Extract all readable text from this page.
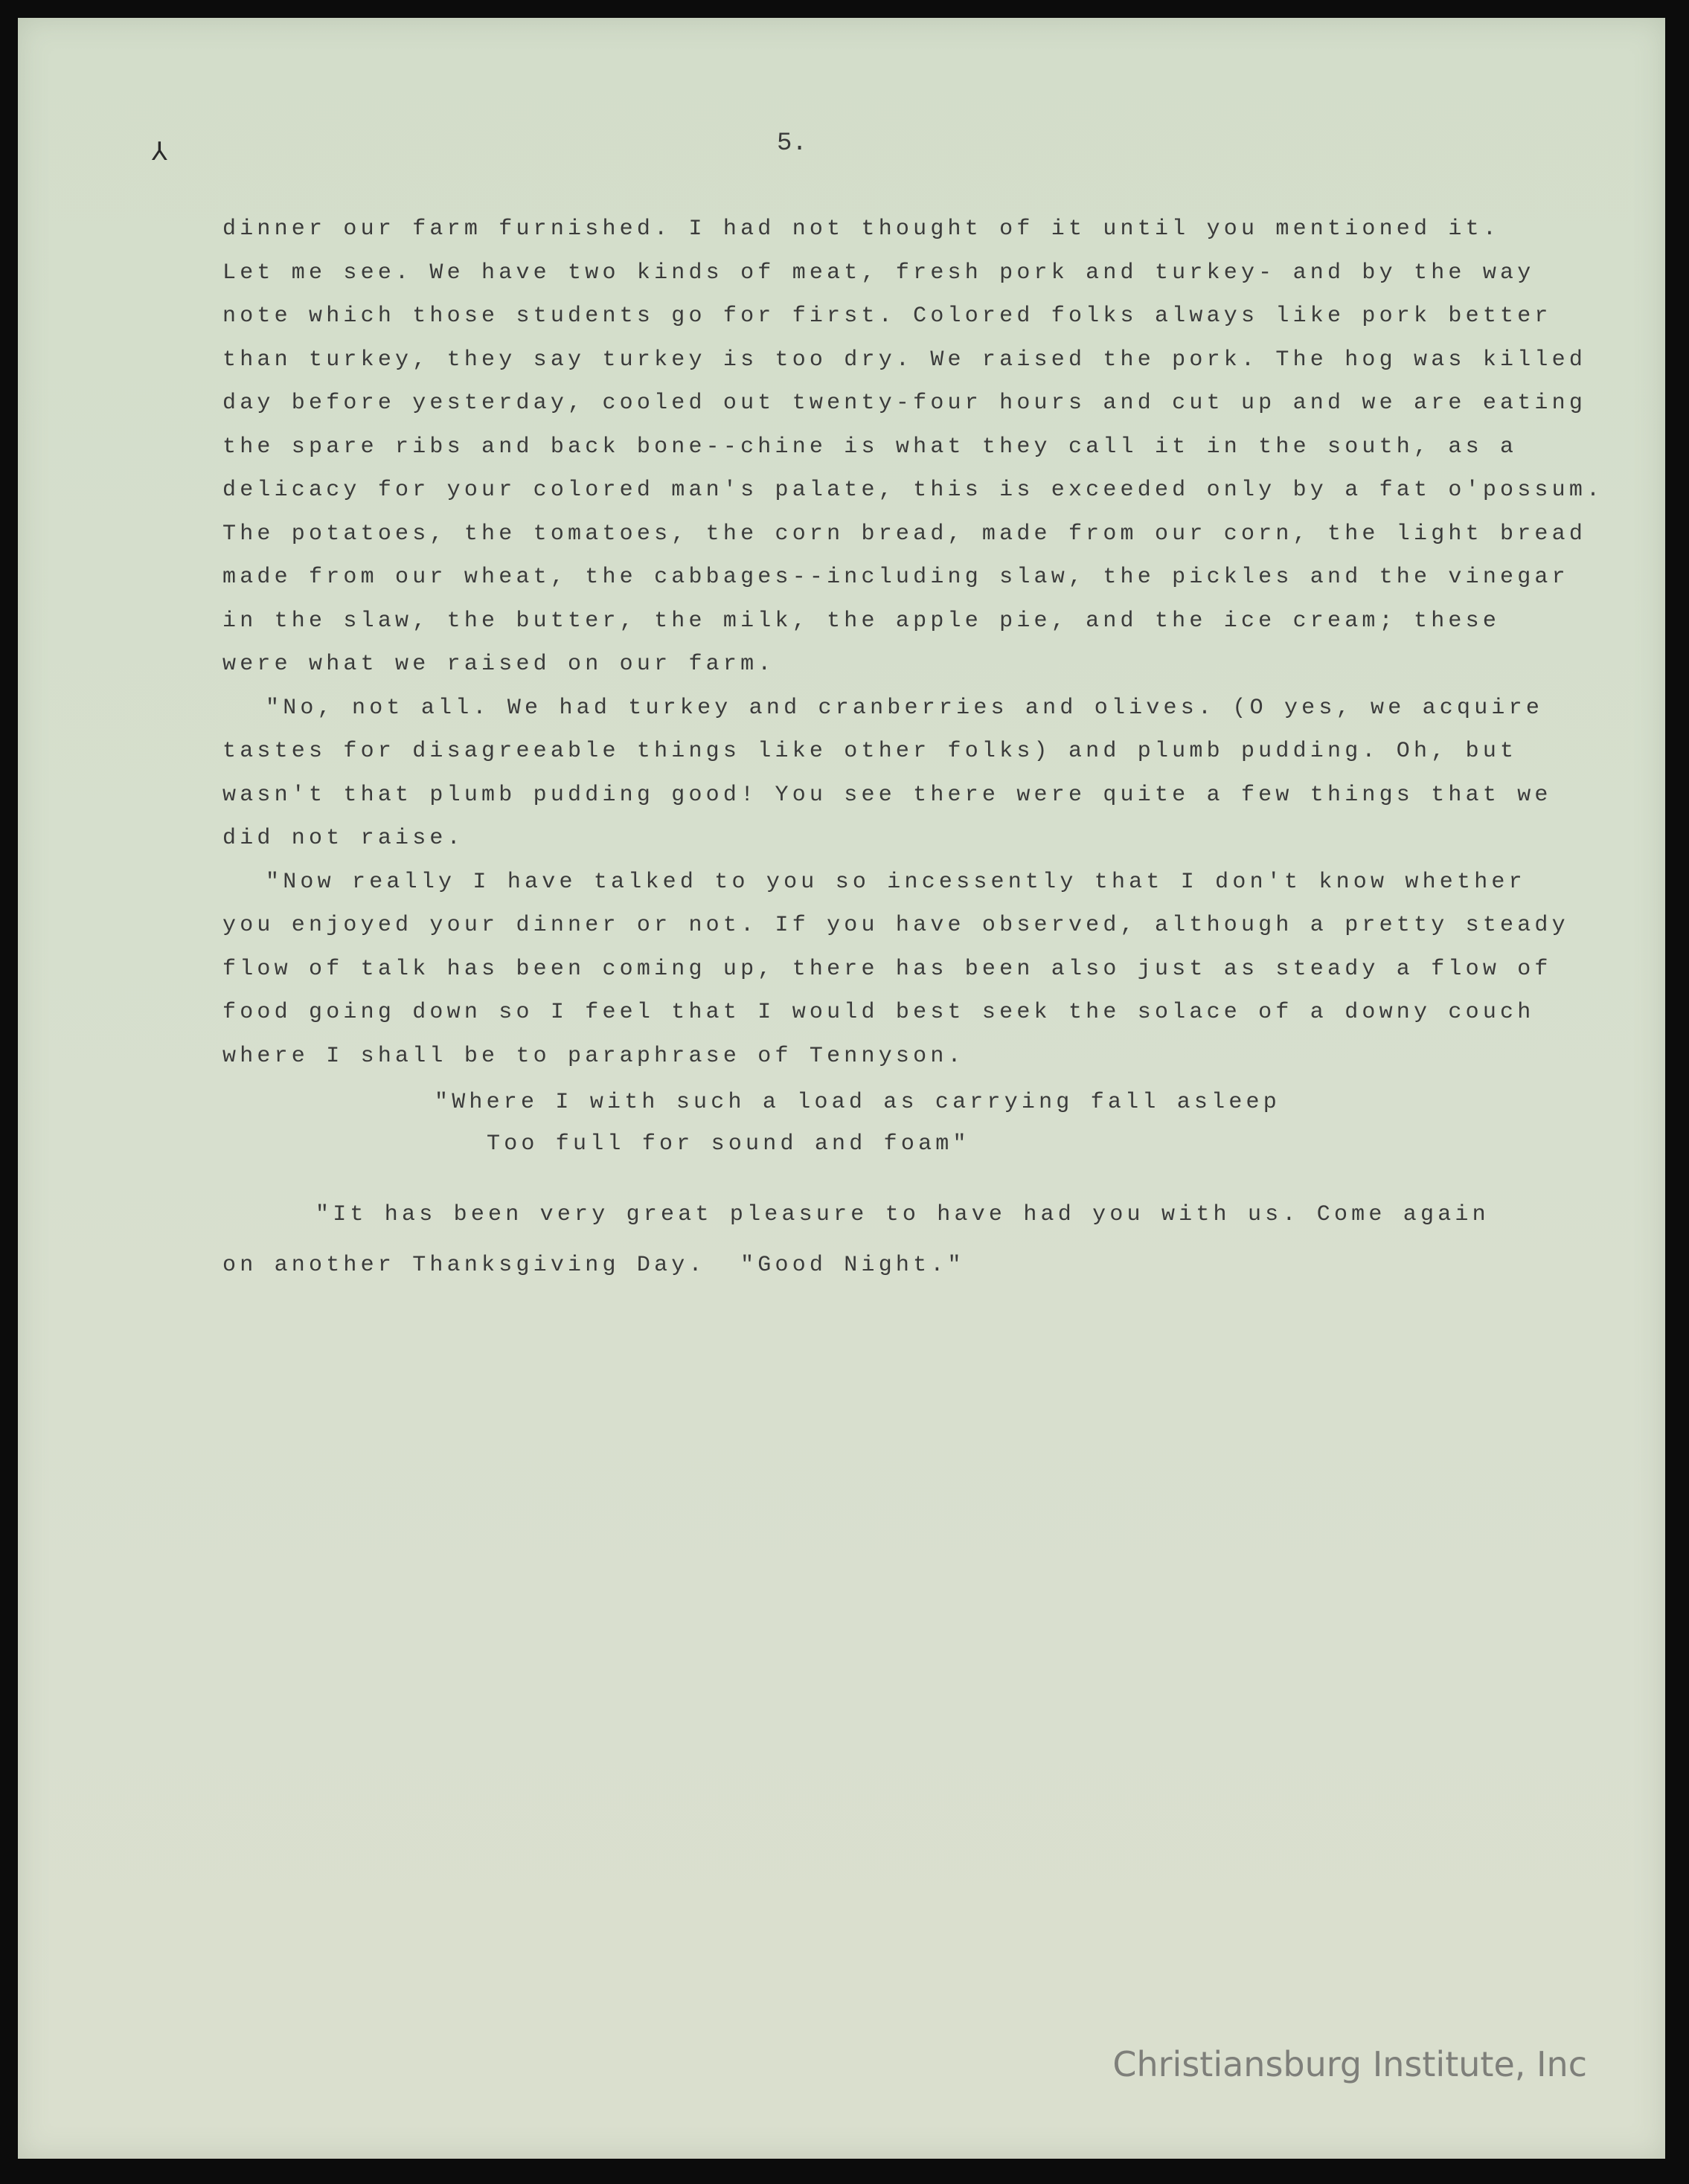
⅄	5.
dinner our farm furnished. I had not thought of it until you mentioned it.
Let me see. We have two kinds of meat, fresh pork and turkey- and by the way
note which those students go for first. Colored folks always like pork better
than turkey, they say turkey is too dry. We raised the pork. The hog was killed
day before yesterday, cooled out twenty-four hours and cut up and we are eating
the spare ribs and back bone--chine is what they call it in the south, as a
delicacy for your colored man's palate, this is exceeded only by a fat o'possum.
The potatoes, the tomatoes, the corn bread, made from our corn, the light bread
made from our wheat, the cabbages--including slaw, the pickles and the vinegar
in the slaw, the butter, the milk, the apple pie, and the ice cream; these
were what we raised on our farm.
"No, not all. We had turkey and cranberries and olives. (O yes, we acquire
tastes for disagreeable things like other folks) and plumb pudding. Oh, but
wasn't that plumb pudding good! You see there were quite a few things that we
did not raise.
"Now really I have talked to you so incessently that I don't know whether
you enjoyed your dinner or not. If you have observed, although a pretty steady
flow of talk has been coming up, there has been also just as steady a flow of
food going down so I feel that I would best seek the solace of a downy couch
where I shall be to paraphrase of Tennyson.
"Where I with such a load as carrying fall asleep
Too full for sound and foam"
"It has been very great pleasure to have had you with us. Come again
on another Thanksgiving Day.  "Good Night."
Christiansburg Institute, Inc
